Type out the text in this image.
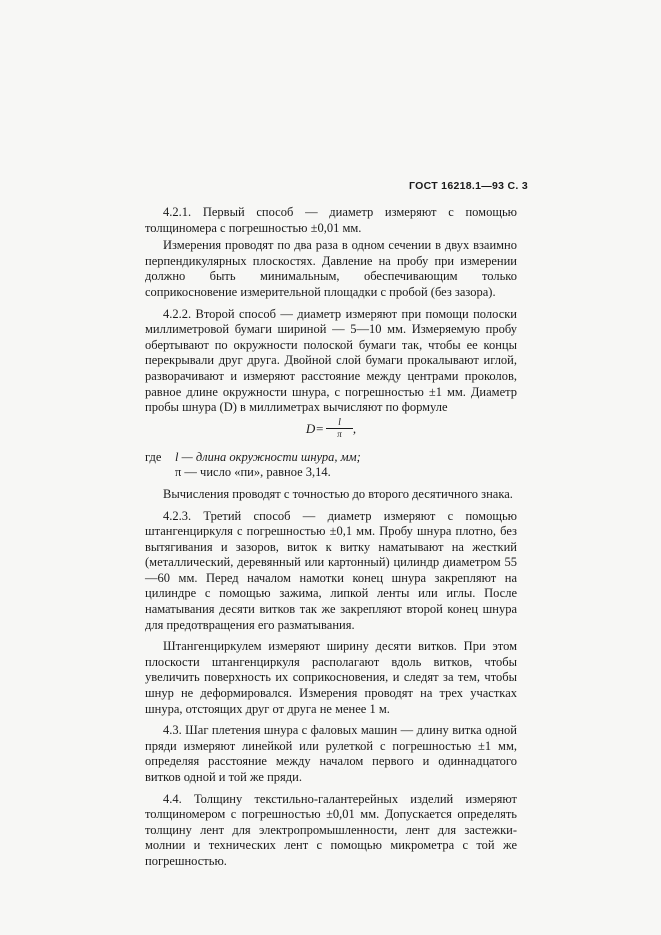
ГОСТ 16218.1—93 С. 3

4.2.1. Первый способ — диаметр измеряют с помощью толщиномера с погрешностью ±0,01 мм.

Измерения проводят по два раза в одном сечении в двух взаимно перпендикулярных плоскостях. Давление на пробу при измерении должно быть минимальным, обеспечивающим только соприкосновение измерительной площадки с пробой (без зазора).

4.2.2. Второй способ — диаметр измеряют при помощи полоски миллиметровой бумаги шириной — 5—10 мм. Измеряемую пробу обертывают по окружности полоской бумаги так, чтобы ее концы перекрывали друг друга. Двойной слой бумаги прокалывают иглой, разворачивают и измеряют расстояние между центрами проколов, равное длине окружности шнура, с погрешностью ±1 мм. Диаметр пробы шнура (D) в миллиметрах вычисляют по формуле

$D= \frac{l}{\pi}$ ,
где	l — длина окружности шнура, мм;
π — число «пи», равное 3,14.

Вычисления проводят с точностью до второго десятичного знака.

4.2.3. Третий способ — диаметр измеряют с помощью штангенциркуля с погрешностью ±0,1 мм. Пробу шнура плотно, без вытягивания и зазоров, виток к витку наматывают на жесткий (металлический, деревянный или картонный) цилиндр диаметром 55—60 мм. Перед началом намотки конец шнура закрепляют на цилиндре с помощью зажима, липкой ленты или иглы. После наматывания десяти витков так же закрепляют второй конец шнура для предотвращения его разматывания.

Штангенциркулем измеряют ширину десяти витков. При этом плоскости штангенциркуля располагают вдоль витков, чтобы увеличить поверхность их соприкосновения, и следят за тем, чтобы шнур не деформировался. Измерения проводят на трех участках шнура, отстоящих друг от друга не менее 1 м.

4.3. Шаг плетения шнура с фаловых машин — длину витка одной пряди измеряют линейкой или рулеткой с погрешностью ±1 мм, определяя расстояние между началом первого и одиннадцатого витков одной и той же пряди.

4.4. Толщину текстильно-галантерейных изделий измеряют толщиномером с погрешностью ±0,01 мм. Допускается определять толщину лент для электропромышленности, лент для застежки-молнии и технических лент с помощью микрометра с той же погрешностью.
